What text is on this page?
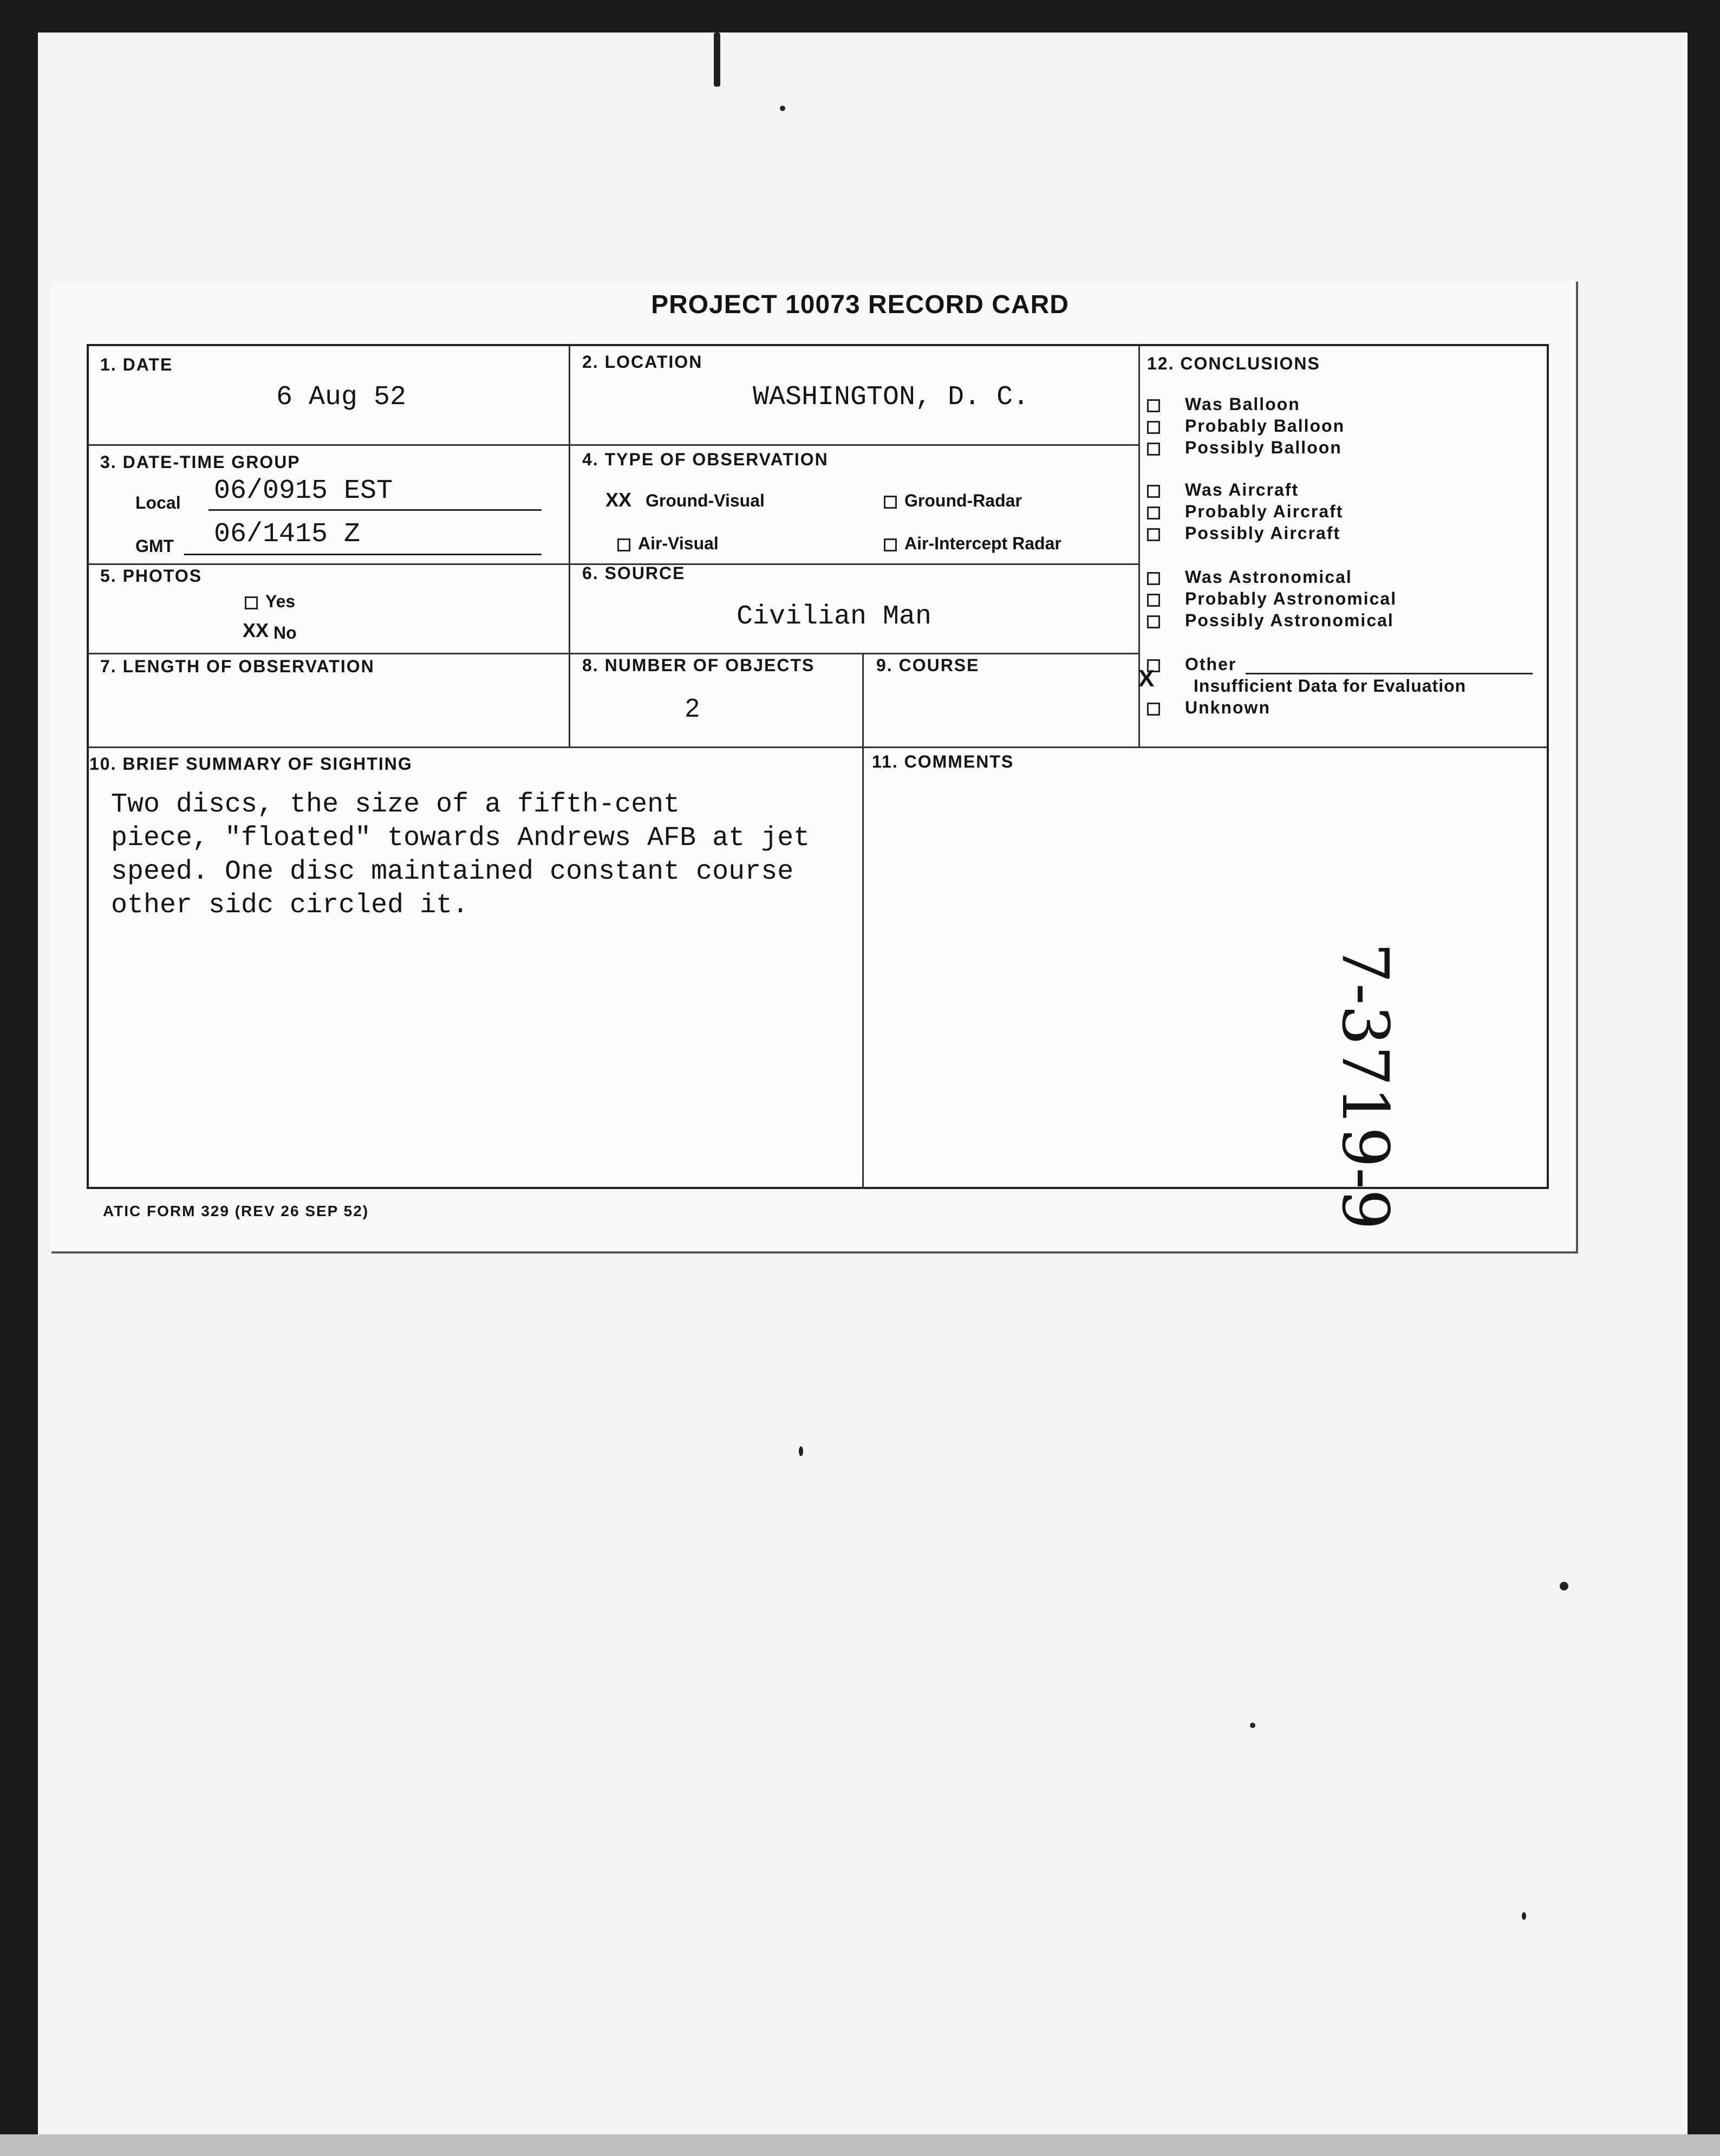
PROJECT 10073 RECORD CARD
1. DATE
6 Aug 52
2. LOCATION
WASHINGTON, D. C.
3. DATE-TIME GROUP
Local 06/0915 EST
GMT 06/1415 Z
4. TYPE OF OBSERVATION
XX Ground-Visual	Ground-Radar
Air-Visual	Air-Intercept Radar
5. PHOTOS
Yes
XX No
6. SOURCE
Civilian Man
7. LENGTH OF OBSERVATION	8. NUMBER OF OBJECTS
2
9. COURSE
10. BRIEF SUMMARY OF SIGHTING
Two discs, the size of a fifth-cent
piece, "floated" towards Andrews AFB at jet
speed. One disc maintained constant course
other sidc circled it.
11. COMMENTS
7-3719-9
12. CONCLUSIONS
Was Balloon
Probably Balloon
Possibly Balloon
Was Aircraft
Probably Aircraft
Possibly Aircraft
Was Astronomical
Probably Astronomical
Possibly Astronomical
Other
X Insufficient Data for Evaluation
Unknown
ATIC FORM 329 (REV 26 SEP 52)
